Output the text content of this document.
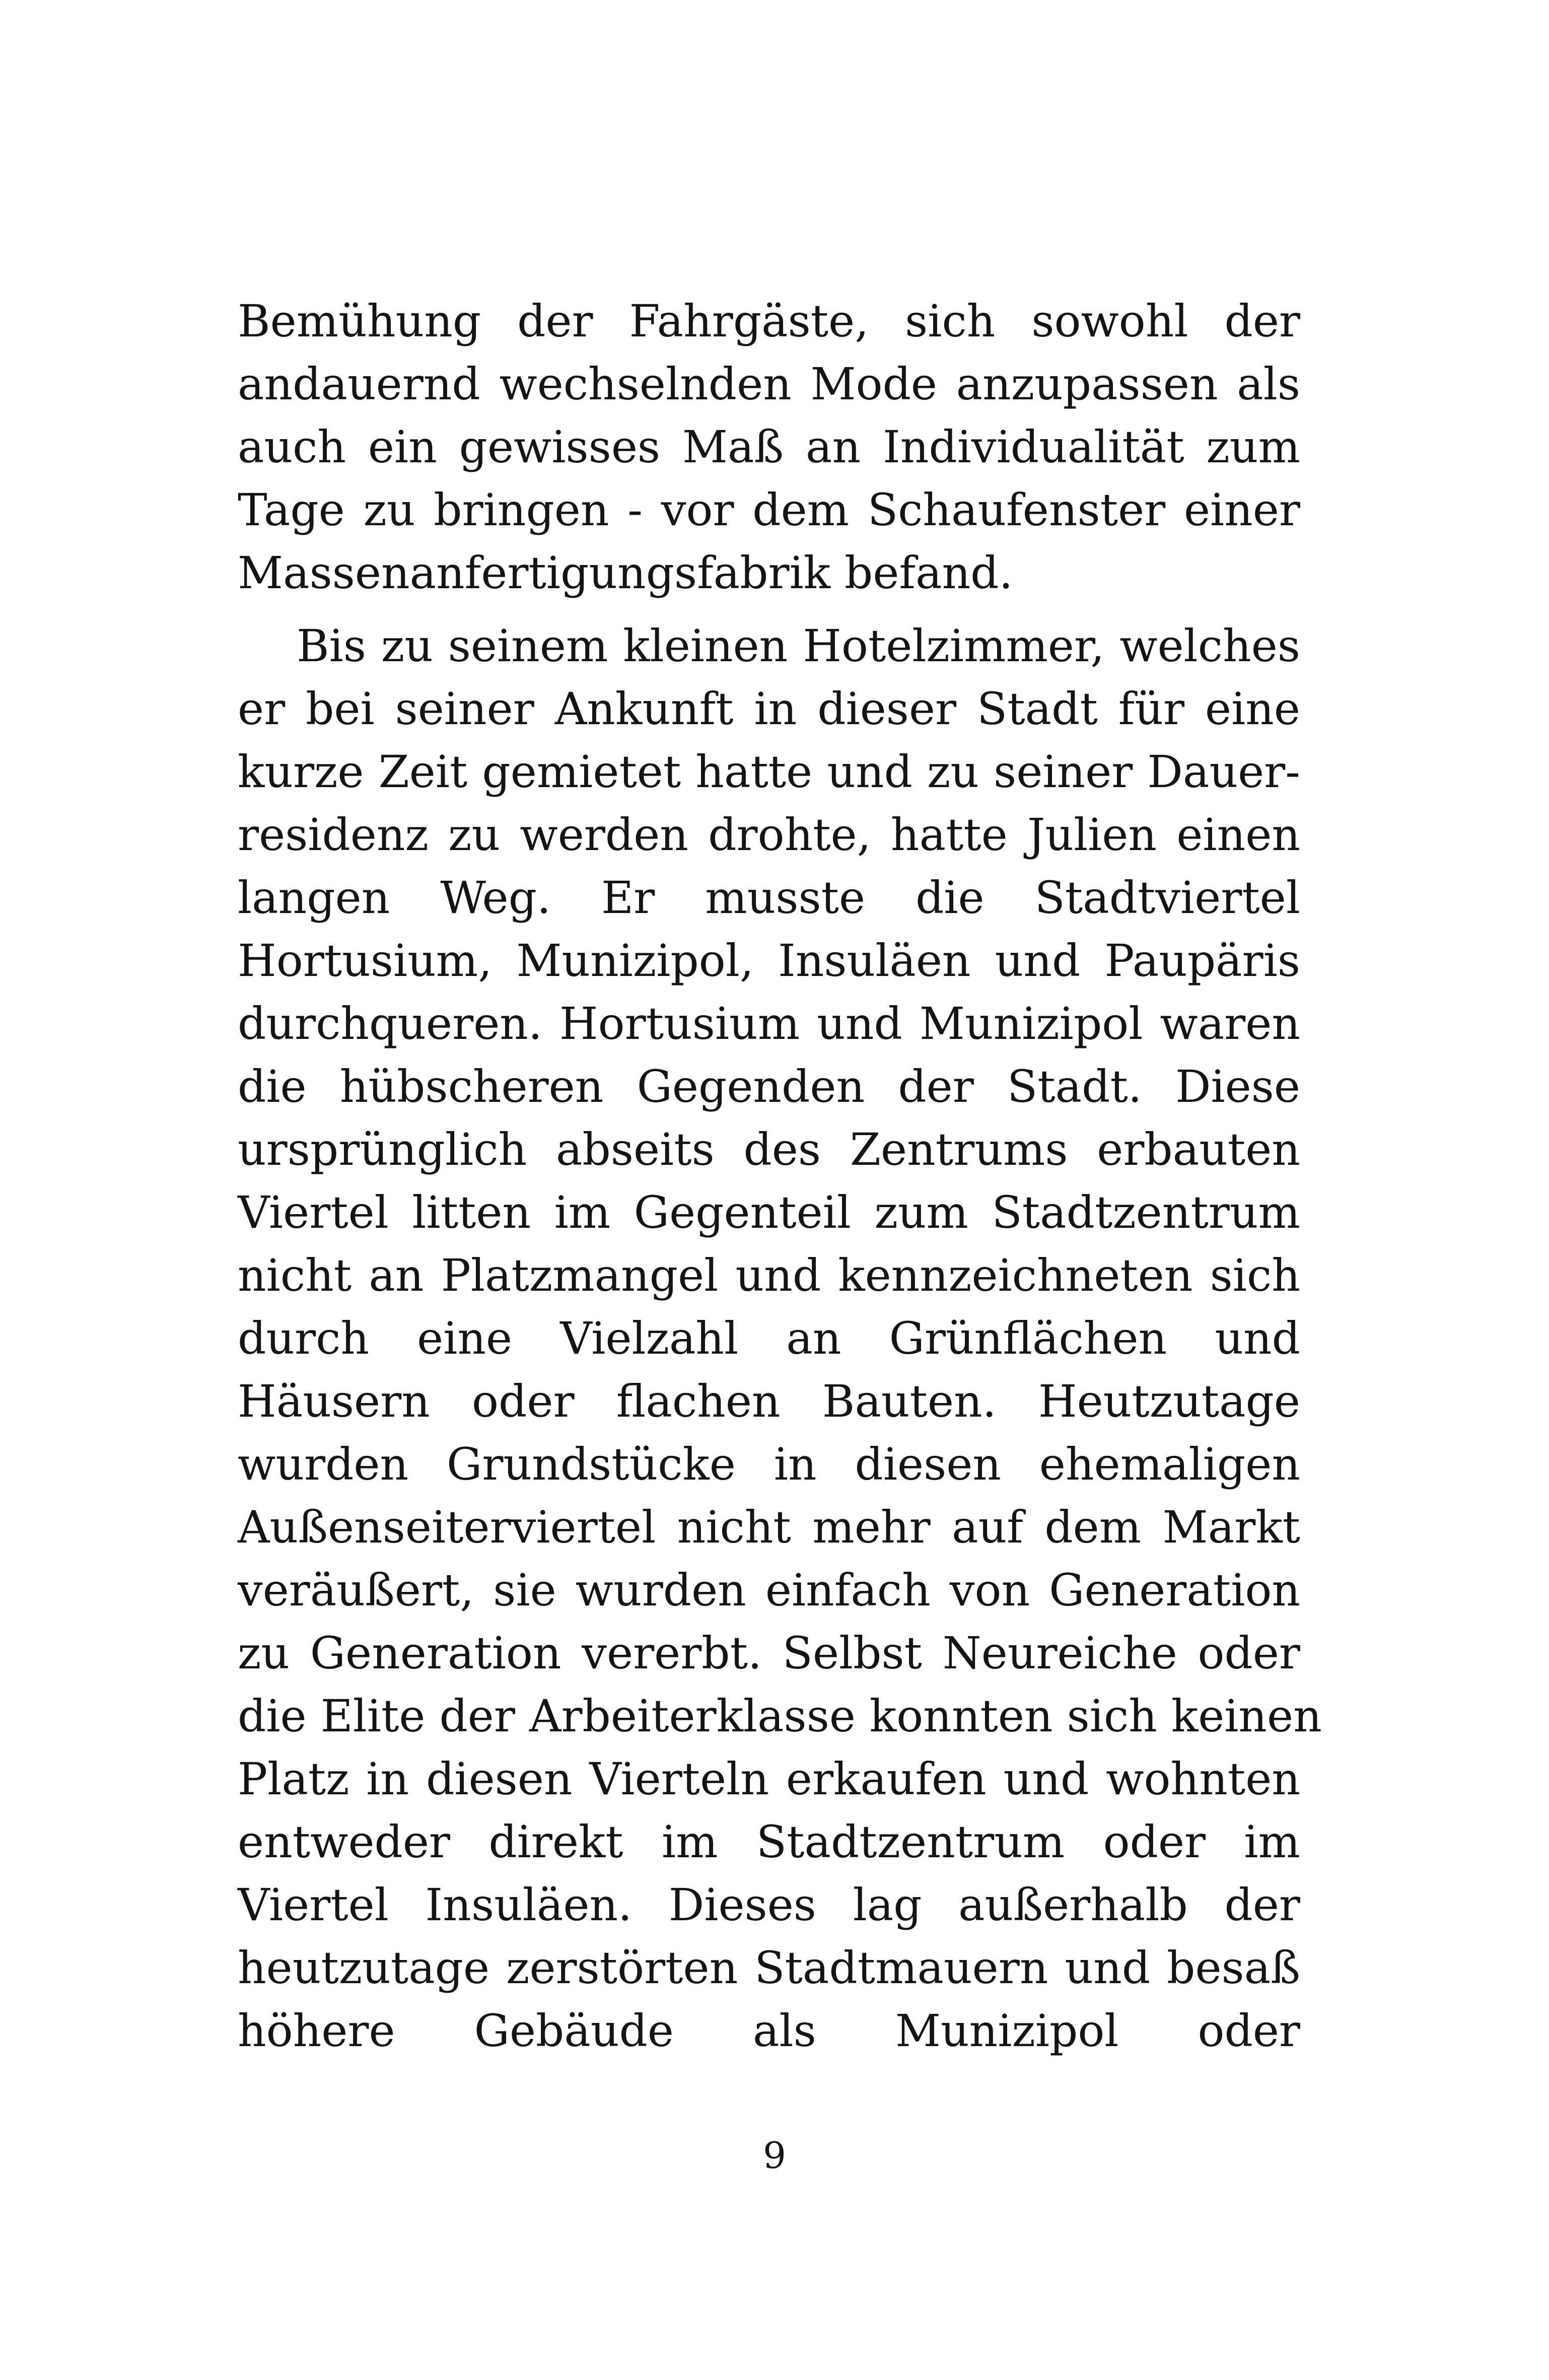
Bemühung der Fahrgäste, sich sowohl der
andauernd wechselnden Mode anzupassen als
auch ein gewisses Maß an Individualität zum
Tage zu bringen - vor dem Schaufenster einer
Massenanfertigungsfabrik befand.
Bis zu seinem kleinen Hotelzimmer, welches
er bei seiner Ankunft in dieser Stadt für eine
kurze Zeit gemietet hatte und zu seiner Dauer-
residenz zu werden drohte, hatte Julien einen
langen Weg. Er musste die Stadtviertel
Hortusium, Munizipol, Insuläen und Paupäris
durchqueren. Hortusium und Munizipol waren
die hübscheren Gegenden der Stadt. Diese
ursprünglich abseits des Zentrums erbauten
Viertel litten im Gegenteil zum Stadtzentrum
nicht an Platzmangel und kennzeichneten sich
durch eine Vielzahl an Grünflächen und
Häusern oder flachen Bauten. Heutzutage
wurden Grundstücke in diesen ehemaligen
Außenseiterviertel nicht mehr auf dem Markt
veräußert, sie wurden einfach von Generation
zu Generation vererbt. Selbst Neureiche oder
die Elite der Arbeiterklasse konnten sich keinen
Platz in diesen Vierteln erkaufen und wohnten
entweder direkt im Stadtzentrum oder im
Viertel Insuläen. Dieses lag außerhalb der
heutzutage zerstörten Stadtmauern und besaß
höhere Gebäude als Munizipol oder
9
